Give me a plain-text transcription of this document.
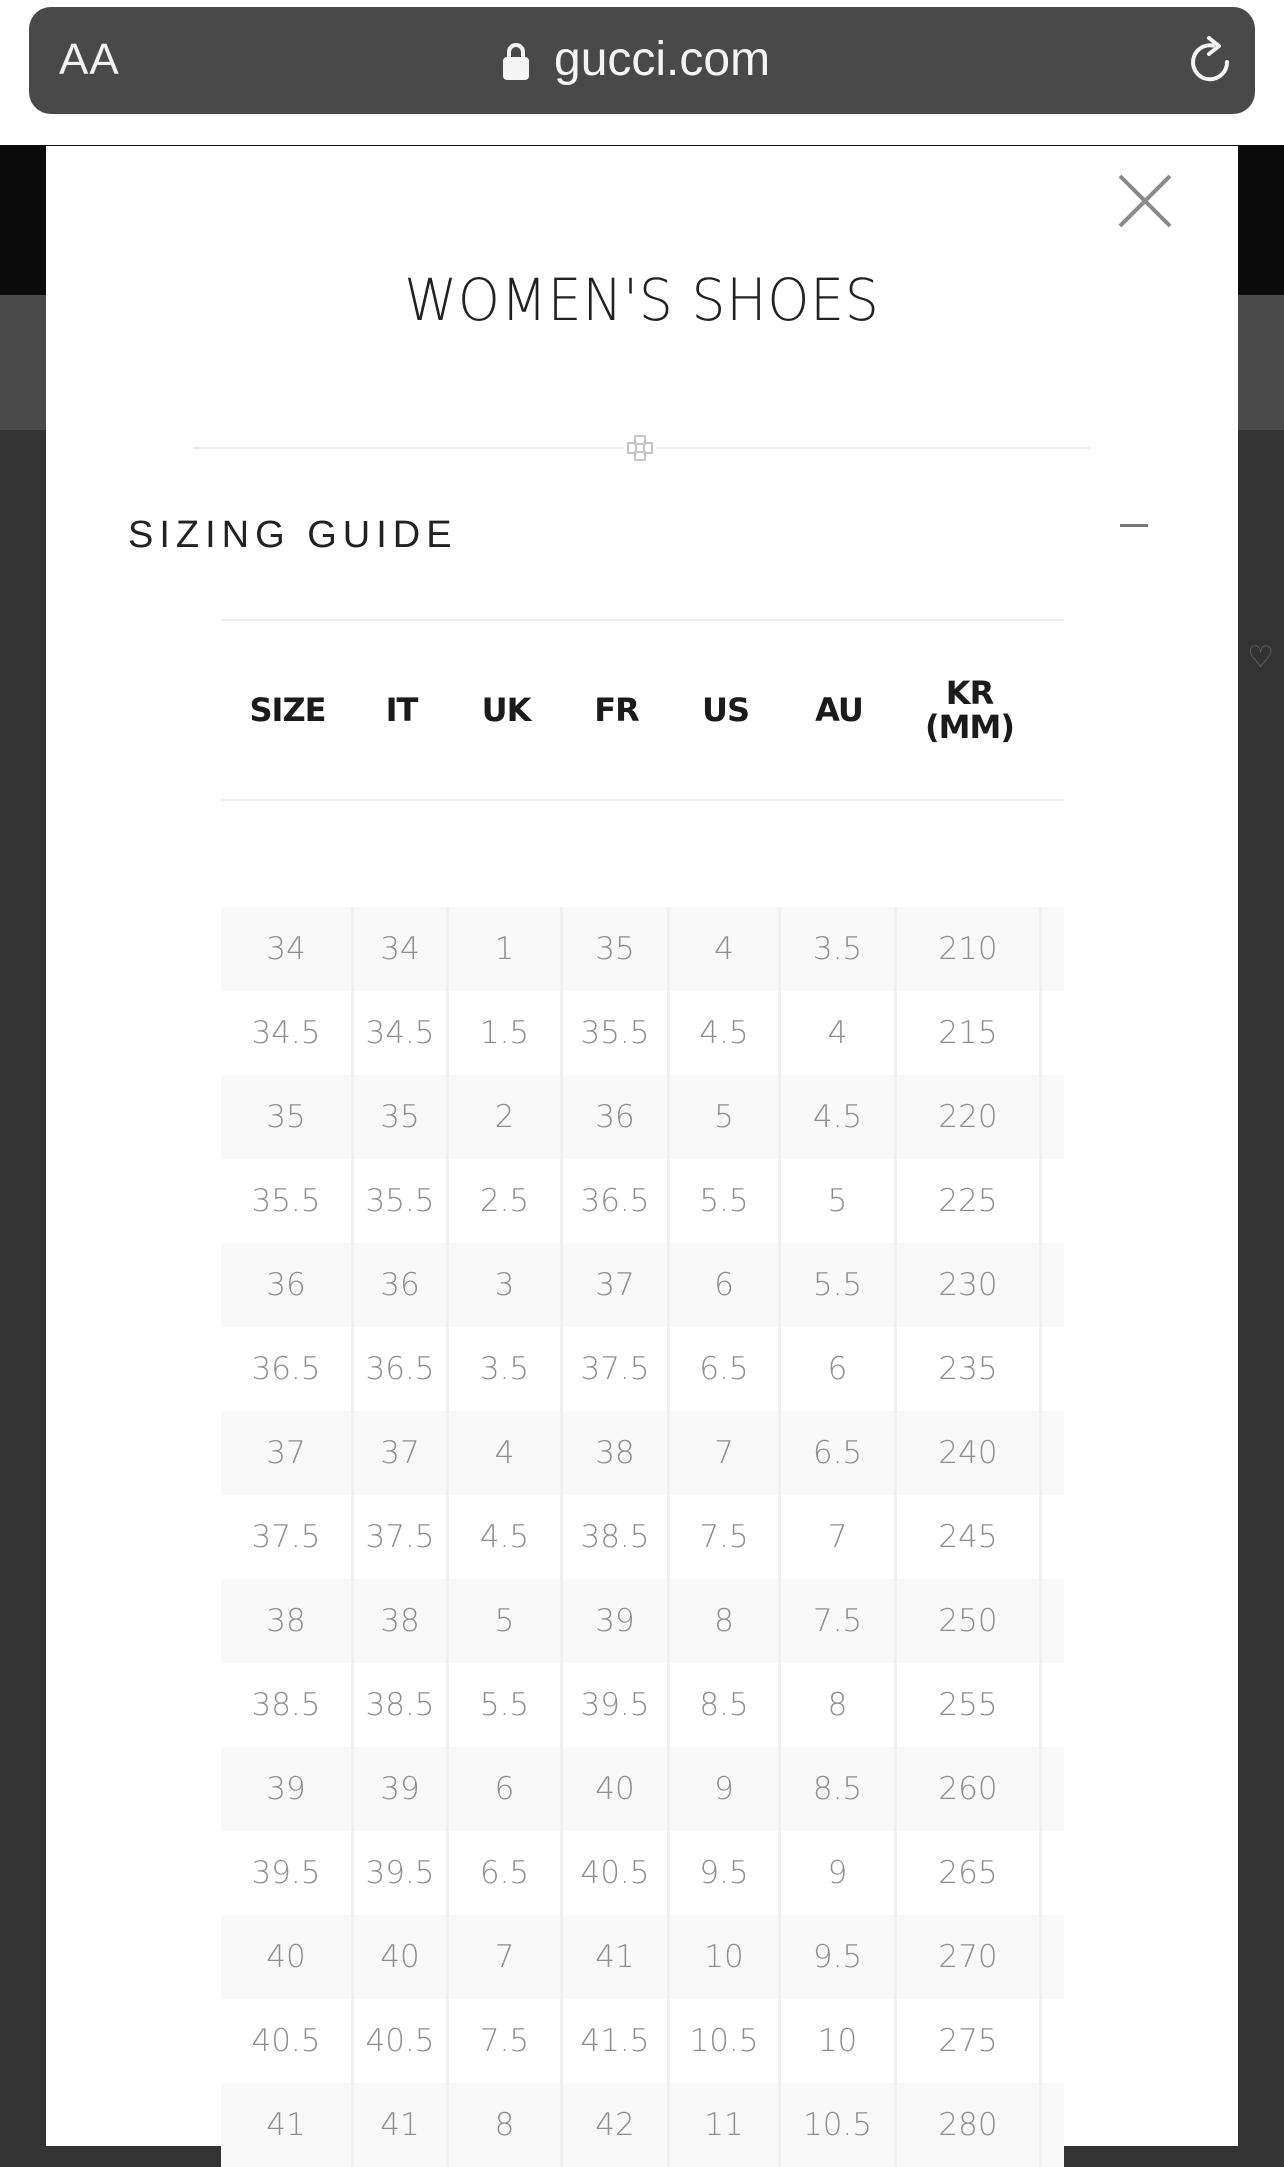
♡
AA	gucci.com
WOMEN'S SHOES
SIZING GUIDE
SIZE	IT	UK	FR	US	AU	KR (MM)
34	34	1	35	4	3.5	210
34.5	34.5	1.5	35.5	4.5	4	215
35	35	2	36	5	4.5	220
35.5	35.5	2.5	36.5	5.5	5	225
36	36	3	37	6	5.5	230
36.5	36.5	3.5	37.5	6.5	6	235
37	37	4	38	7	6.5	240
37.5	37.5	4.5	38.5	7.5	7	245
38	38	5	39	8	7.5	250
38.5	38.5	5.5	39.5	8.5	8	255
39	39	6	40	9	8.5	260
39.5	39.5	6.5	40.5	9.5	9	265
40	40	7	41	10	9.5	270
40.5	40.5	7.5	41.5	10.5	10	275
41	41	8	42	11	10.5	280
